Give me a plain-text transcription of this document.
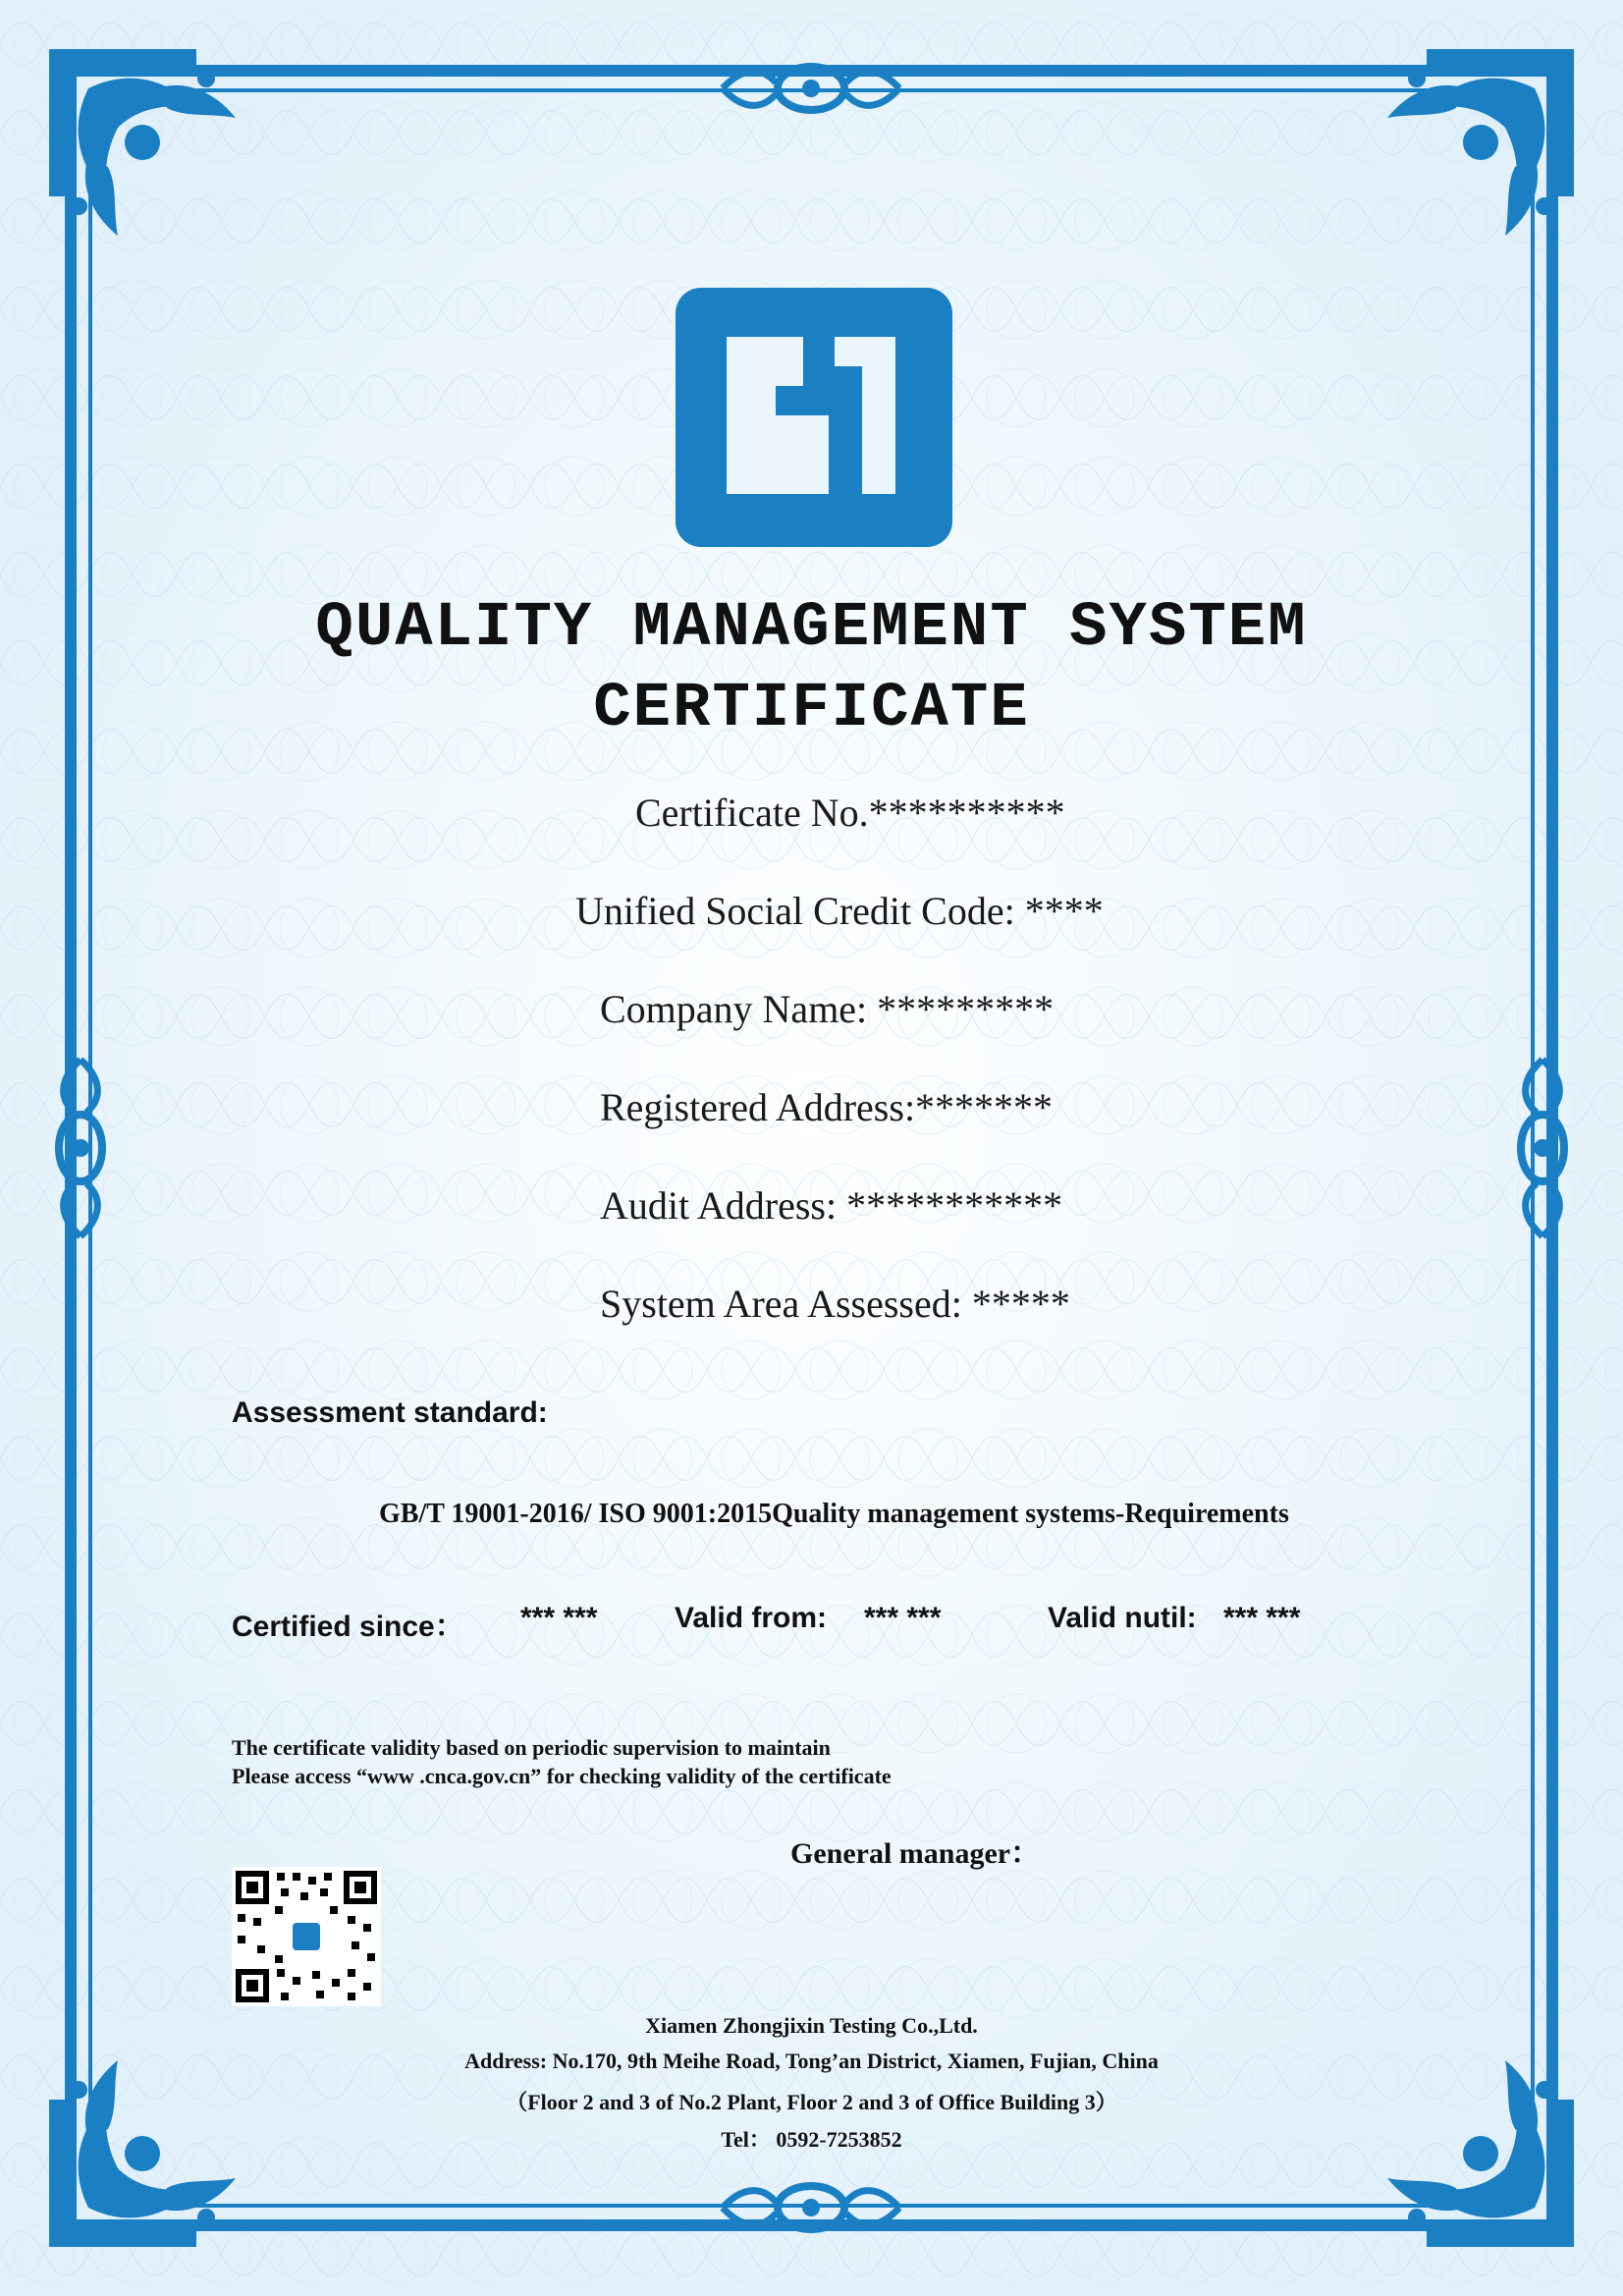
QUALITY MANAGEMENT SYSTEM
CERTIFICATE
Certificate No.**********
Unified Social Credit Code: ****
Company Name: *********
Registered Address:*******
Audit Address: ***********
System Area Assessed: *****
Assessment standard:
GB/T 19001-2016/ ISO 9001:2015Quality management systems-Requirements
Certified since： *** ***	Valid from: *** ***	Valid nutil: *** ***
The certificate validity based on periodic supervision to maintain
Please access “www .cnca.gov.cn” for checking validity of the certificate
General manager：
Xiamen Zhongjixin Testing Co.,Ltd.
Address: No.170, 9th Meihe Road, Tong’an District, Xiamen, Fujian, China
（Floor 2 and 3 of No.2 Plant, Floor 2 and 3 of Office Building 3）
Tel： 0592-7253852
